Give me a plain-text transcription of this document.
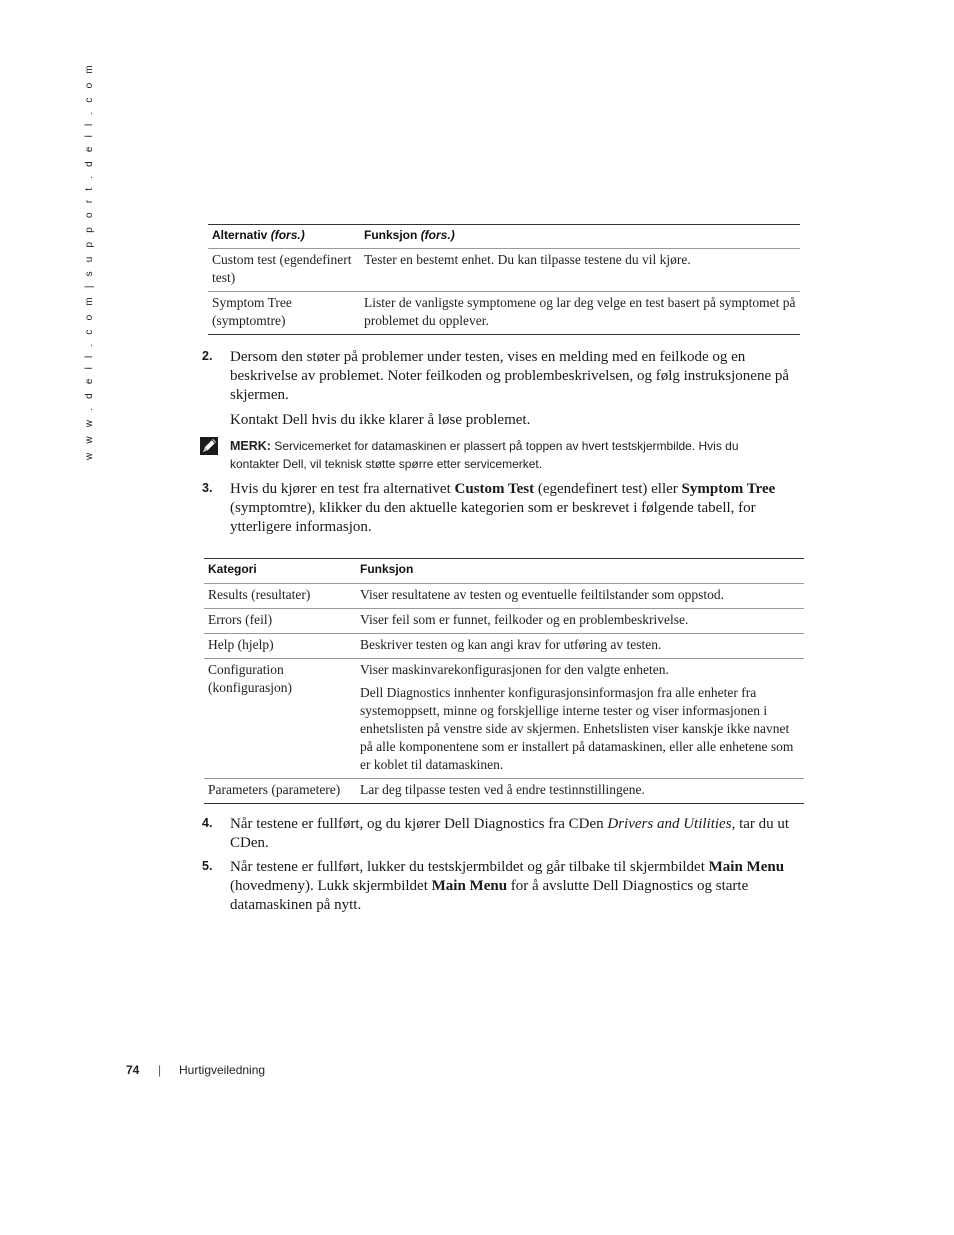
w w w . d e l l . c o m | s u p p o r t . d e l l . c o m	Alternativ (fors.)	Funksjon (fors.)
Custom test (egendefinert test)	Tester en bestemt enhet. Du kan tilpasse testene du vil kjøre.
Symptom Tree (symptomtre)	Lister de vanligste symptomene og lar deg velge en test basert på symptomet på problemet du opplever.
2. Dersom den støter på problemer under testen, vises en melding med en feilkode og en beskrivelse av problemet. Noter feilkoden og problembeskrivelsen, og følg instruksjonene på skjermen.
Kontakt Dell hvis du ikke klarer å løse problemet.
MERK: Servicemerket for datamaskinen er plassert på toppen av hvert testskjermbilde. Hvis du kontakter Dell, vil teknisk støtte spørre etter servicemerket.
3. Hvis du kjører en test fra alternativet Custom Test (egendefinert test) eller Symptom Tree (symptomtre), klikker du den aktuelle kategorien som er beskrevet i følgende tabell, for ytterligere informasjon.
Kategori	Funksjon
Results (resultater)	Viser resultatene av testen og eventuelle feiltilstander som oppstod.
Errors (feil)	Viser feil som er funnet, feilkoder og en problembeskrivelse.
Help (hjelp)	Beskriver testen og kan angi krav for utføring av testen.
Configuration (konfigurasjon)	Viser maskinvarekonfigurasjonen for den valgte enheten.

Dell Diagnostics innhenter konfigurasjonsinformasjon fra alle enheter fra systemoppsett, minne og forskjellige interne tester og viser informasjonen i enhetslisten på venstre side av skjermen. Enhetslisten viser kanskje ikke navnet på alle komponentene som er installert på datamaskinen, eller alle enhetene som er koblet til datamaskinen.

Parameters (parametere)	Lar deg tilpasse testen ved å endre testinnstillingene.
4. Når testene er fullført, og du kjører Dell Diagnostics fra CDen Drivers and Utilities, tar du ut CDen.
5. Når testene er fullført, lukker du testskjermbildet og går tilbake til skjermbildet Main Menu (hovedmeny). Lukk skjermbildet Main Menu for å avslutte Dell Diagnostics og starte datamaskinen på nytt.
74 | Hurtigveiledning
